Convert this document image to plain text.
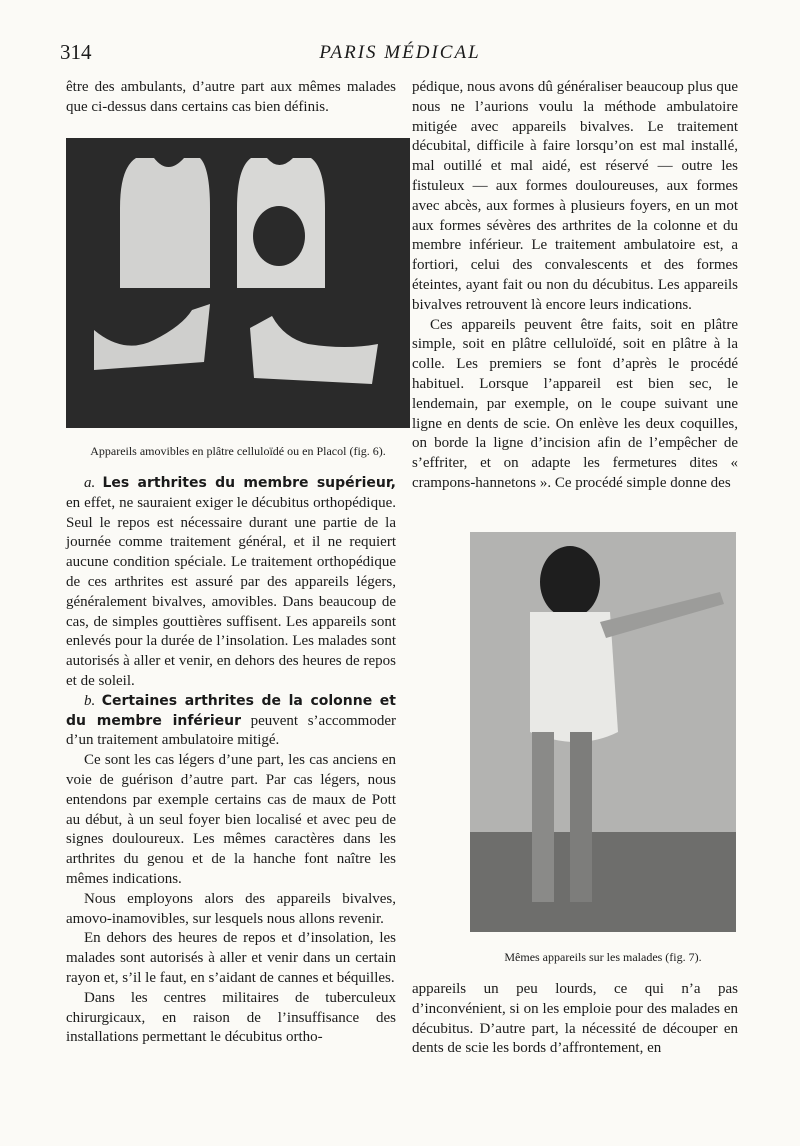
314	PARIS MÉDICAL

être des ambulants, d’autre part aux mêmes malades que ci-dessus dans certains cas bien définis.

Appareils amovibles en plâtre celluloïdé ou en Placol (fig. 6).

a. Les arthrites du membre supérieur, en effet, ne sauraient exiger le décubitus orthopédique. Seul le repos est nécessaire durant une partie de la journée comme traitement général, et il ne requiert aucune condition spéciale. Le traitement orthopédique de ces arthrites est assuré par des appareils légers, généralement bivalves, amovibles. Dans beaucoup de cas, de simples gouttières suffisent. Les appareils sont enlevés pour la durée de l’insolation. Les malades sont autorisés à aller et venir, en dehors des heures de repos et de soleil.

b. Certaines arthrites de la colonne et du membre inférieur peuvent s’accommoder d’un traitement ambulatoire mitigé.

Ce sont les cas légers d’une part, les cas anciens en voie de guérison d’autre part. Par cas légers, nous entendons par exemple certains cas de maux de Pott au début, à un seul foyer bien localisé et avec peu de signes douloureux. Les mêmes caractères dans les arthrites du genou et de la hanche font naître les mêmes indications.

Nous employons alors des appareils bivalves, amovo-inamovibles, sur lesquels nous allons revenir.

En dehors des heures de repos et d’insolation, les malades sont autorisés à aller et venir dans un certain rayon et, s’il le faut, en s’aidant de cannes et béquilles.

Dans les centres militaires de tuberculeux chirurgicaux, en raison de l’insuffisance des installations permettant le décubitus ortho-

pédique, nous avons dû généraliser beaucoup plus que nous ne l’aurions voulu la méthode ambulatoire mitigée avec appareils bivalves. Le traitement décubital, difficile à faire lorsqu’on est mal installé, mal outillé et mal aidé, est réservé — outre les fistuleux — aux formes douloureuses, aux formes avec abcès, aux formes à plusieurs foyers, en un mot aux formes sévères des arthrites de la colonne et du membre inférieur. Le traitement ambulatoire est, a fortiori, celui des convalescents et des formes éteintes, ayant fait ou non du décubitus. Les appareils bivalves retrouvent là encore leurs indications.

Ces appareils peuvent être faits, soit en plâtre simple, soit en plâtre celluloïdé, soit en plâtre à la colle. Les premiers se font d’après le procédé habituel. Lorsque l’appareil est bien sec, le lendemain, par exemple, on le coupe suivant une ligne en dents de scie. On enlève les deux coquilles, on borde la ligne d’incision afin de l’empêcher de s’effriter, et on adapte les fermetures dites « crampons-hannetons ». Ce procédé simple donne des

Mêmes appareils sur les malades (fig. 7).

appareils un peu lourds, ce qui n’a pas d’inconvénient, si on les emploie pour des malades en décubitus. D’autre part, la nécessité de découper en dents de scie les bords d’affrontement, en
